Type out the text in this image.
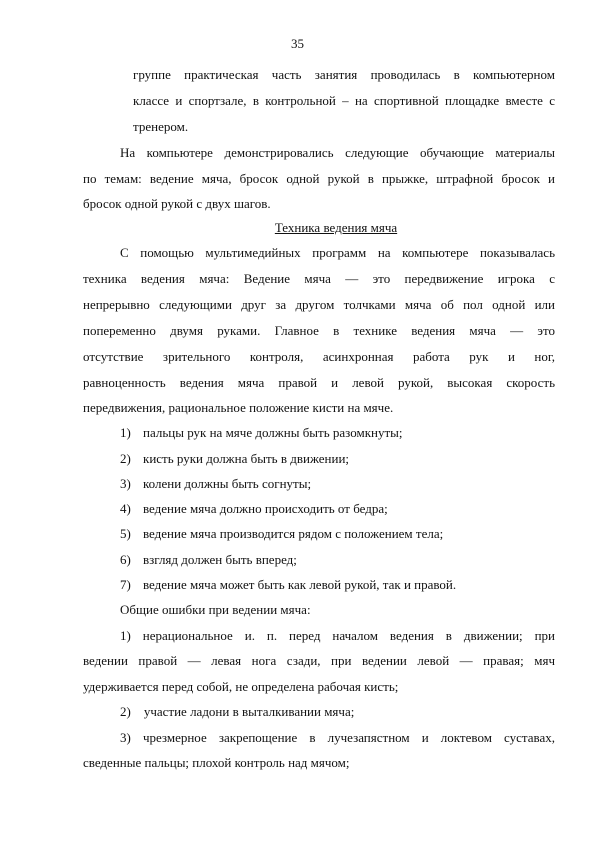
35
группе практическая часть занятия проводилась в компьютерном
классе и спортзале, в контрольной – на спортивной площадке вместе с
тренером.
На компьютере демонстрировались следующие обучающие материалы
по темам: ведение мяча, бросок одной рукой в прыжке, штрафной бросок и
бросок одной рукой с двух шагов.
Техника ведения мяча
С помощью мультимедийных программ на компьютере показывалась
техника ведения мяча: Ведение мяча — это передвижение игрока с
непрерывно следующими друг за другом толчками мяча об пол одной или
попеременно двумя руками. Главное в технике ведения мяча — это
отсутствие зрительного контроля, асинхронная работа рук и ног,
равноценность ведения мяча правой и левой рукой, высокая скорость
передвижения, рациональное положение кисти на мяче.
1) пальцы рук на мяче должны быть разомкнуты;
2) кисть руки должна быть в движении;
3) колени должны быть согнуты;
4) ведение мяча должно происходить от бедра;
5) ведение мяча производится рядом с положением тела;
6) взгляд должен быть вперед;
7) ведение мяча может быть как левой рукой, так и правой.
Общие ошибки при ведении мяча:
1) нерациональное и. п. перед началом ведения в движении; при
ведении правой — левая нога сзади, при ведении левой — правая; мяч
удерживается перед собой, не определена рабочая кисть;
2)    участие ладони в выталкивании мяча;
3) чрезмерное закрепощение в лучезапястном и локтевом суставах,
сведенные пальцы; плохой контроль над мячом;
